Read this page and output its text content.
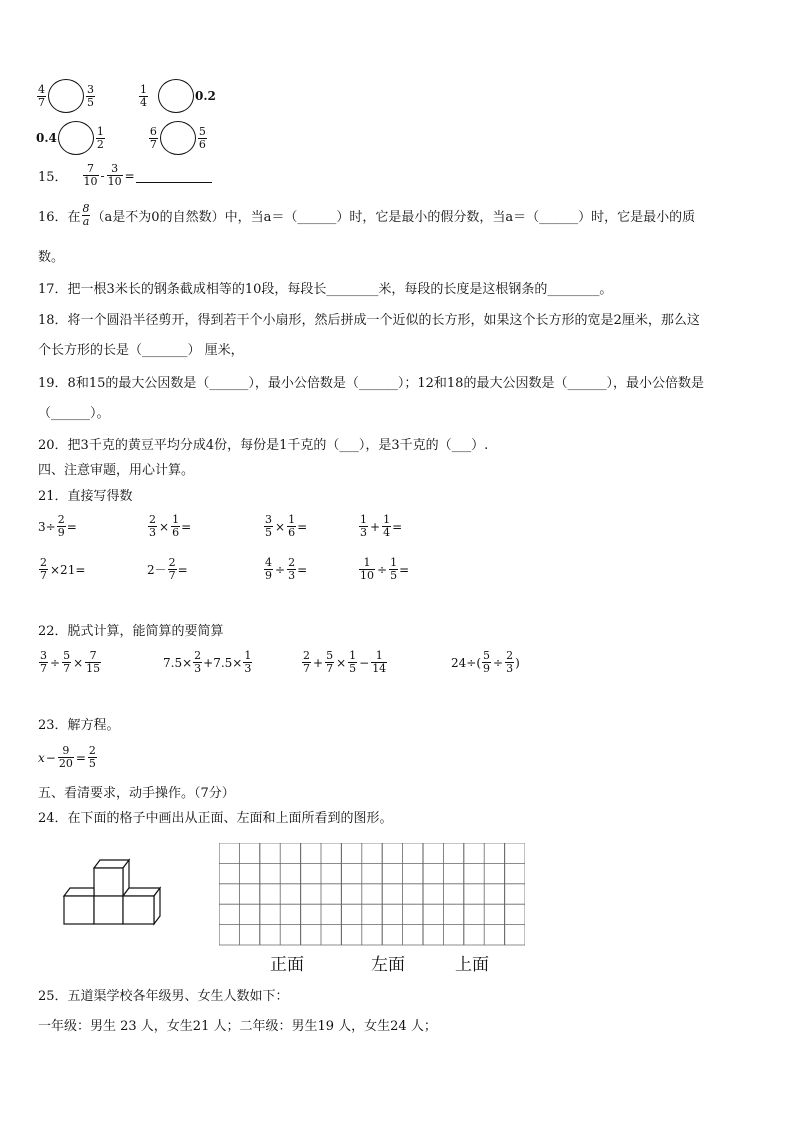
$\frac{4}{7}$	$\frac{3}{5}$	$\frac{1}{4}$	0.2
0.4	$\frac{1}{2}$	$\frac{6}{7}$	$\frac{5}{6}$
15． $\frac{7}{10} - \frac{3}{10}$ =
16．在 $\frac{8}{a} (a$是不为0的自然数）中，当a＝（______）时，它是最小的假分数，当a＝（______）时，它是最小的质
数。
17．把一根3米长的钢条截成相等的10段，每段长________米，每段的长度是这根钢条的________。
18．将一个圆沿半径剪开，得到若干个小扇形，然后拼成一个近似的长方形，如果这个长方形的宽是2厘米，那么这
个长方形的长是（_______） 厘米，
19．8和15的最大公因数是（______），最小公倍数是（______）；12和18的最大公因数是（______），最小公倍数是
（______）。
20．把3千克的黄豆平均分成4份，每份是1千克的（___），是3千克的（___）.
四、注意审题，用心计算。
21．直接写得数
$3\div \frac{2}{9}$ =	$\frac{2}{3} \times \frac{1}{6}$ =	$\frac{3}{5} \times \frac{1}{6}$ =	$\frac{1}{3} + \frac{1}{4}$ =
$\frac{2}{7} \times 21=$	$2- \frac{2}{7}$ =	$\frac{4}{9} \div \frac{2}{3}$ =	$\frac{1}{10} \div \frac{1}{5}$ =
22．脱式计算，能简算的要简算
$\frac{3}{7} \div \frac{5}{7} \times \frac{7}{15}$	$7.5\times \frac{2}{3} +7.5\times \frac{1}{3}$	$\frac{2}{7} + \frac{5}{7} \times \frac{1}{5} - \frac{1}{14}$	$24\div( \frac{5}{9} \div \frac{2}{3}$ )
23．解方程。
$x - \frac{9}{20} = \frac{2}{5}$
五、看清要求，动手操作。（7分）
24．在下面的格子中画出从正面、左面和上面所看到的图形。
正面	左面	上面
25．五道渠学校各年级男、女生人数如下：
一年级：男生 23 人，女生21 人；二年级：男生19 人，女生24 人；
